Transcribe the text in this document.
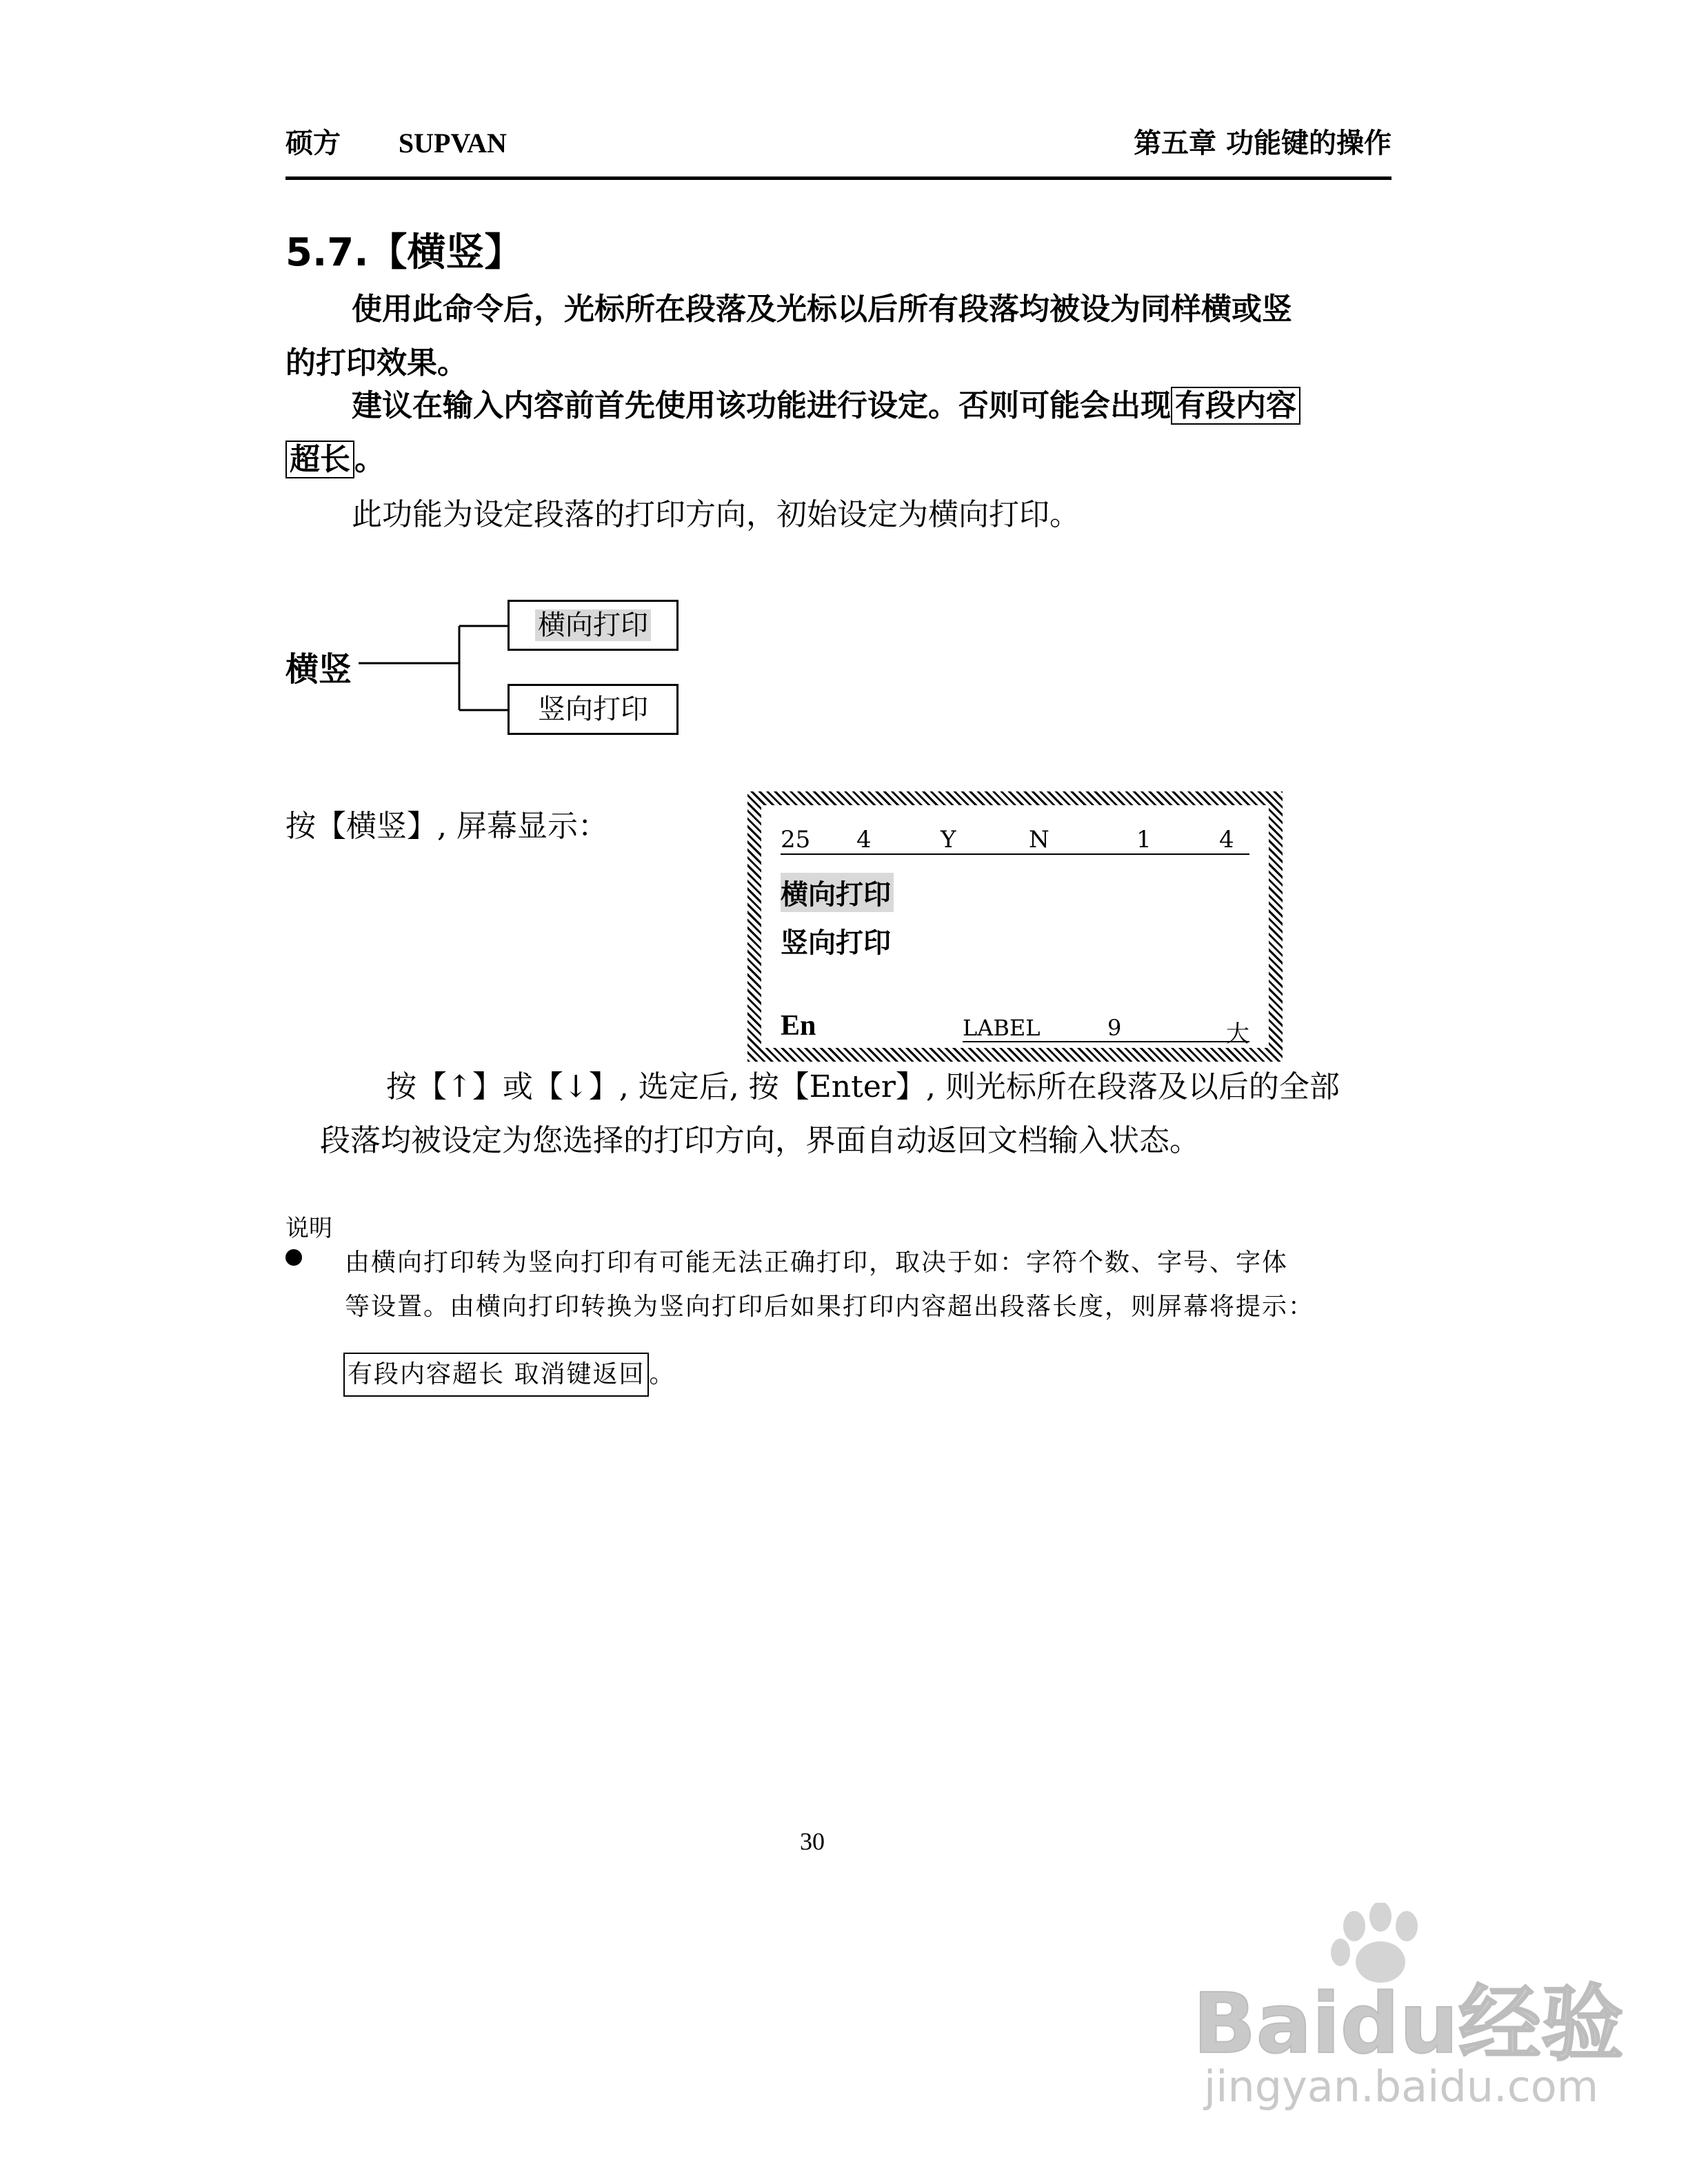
硕方 SUPVAN	第五章 功能键的操作
5.7.【横竖】
使用此命令后，光标所在段落及光标以后所有段落均被设为同样横或竖
的打印效果。
建议在输入内容前首先使用该功能进行设定。否则可能会出现 有段内容
超长 。
此功能为设定段落的打印方向，初始设定为横向打印。
横竖
横向打印
竖向打印
按【横竖】, 屏幕显示：	25 4	Y	N	1	4
横向打印
竖向打印
En	LABEL	9	大
按【↑】或【↓】, 选定后, 按【Enter】, 则光标所在段落及以后的全部
段落均被设定为您选择的打印方向，界面自动返回文档输入状态。
说明
由横向打印转为竖向打印有可能无法正确打印，取决于如：字符个数、字号、字体
等设置。由横向打印转换为竖向打印后如果打印内容超出段落长度，则屏幕将提示：
有段内容超长 取消键返回 。
30
Baidu经验
jingyan.baidu.com
